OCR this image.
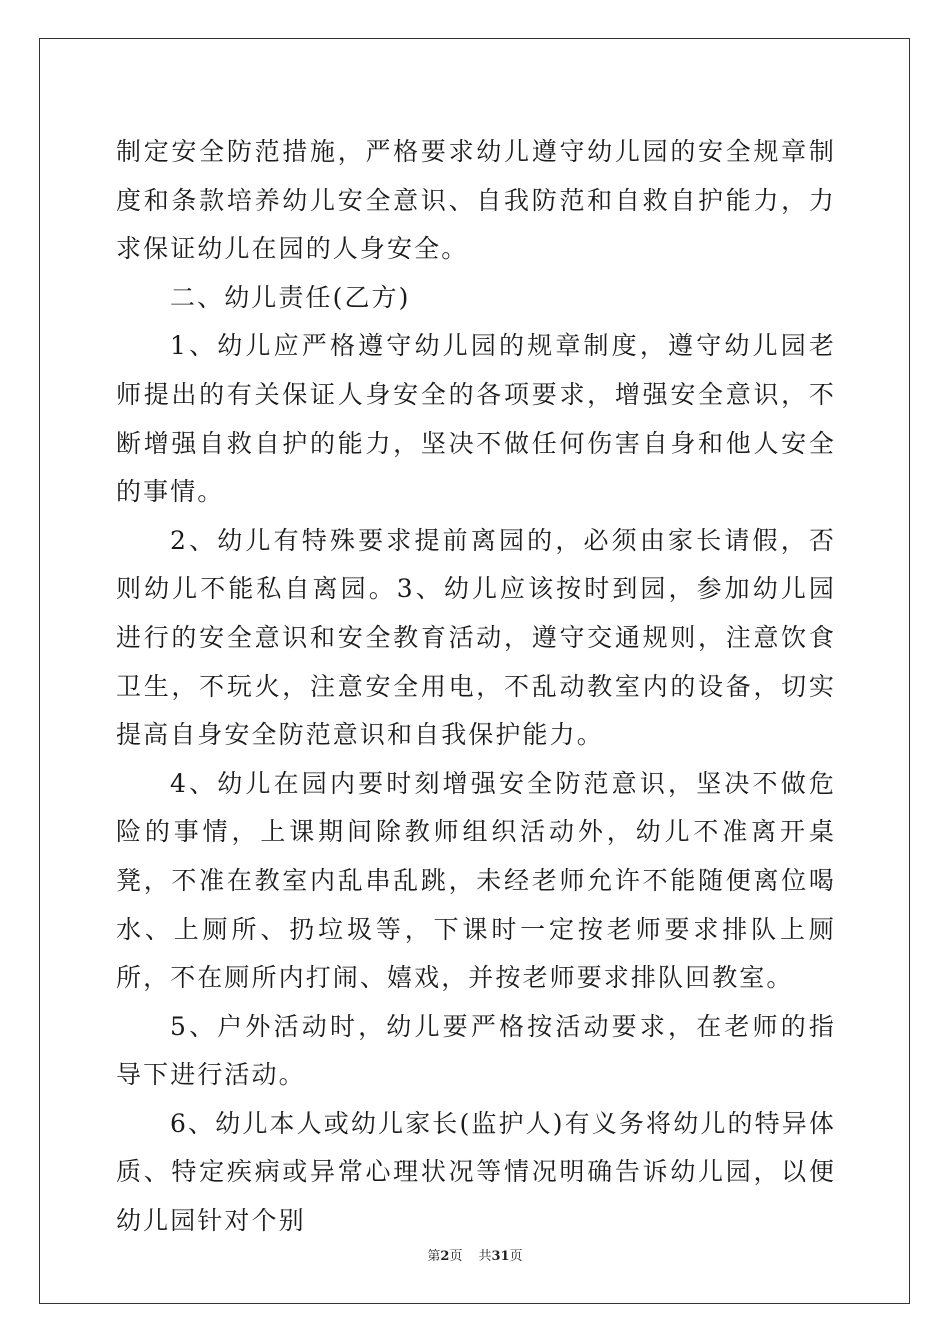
制定安全防范措施，严格要求幼儿遵守幼儿园的安全规章制度和条款培养幼儿安全意识、自我防范和自救自护能力，力求保证幼儿在园的人身安全。

二、幼儿责任(乙方)

1、幼儿应严格遵守幼儿园的规章制度，遵守幼儿园老师提出的有关保证人身安全的各项要求，增强安全意识，不断增强自救自护的能力，坚决不做任何伤害自身和他人安全的事情。

2、幼儿有特殊要求提前离园的，必须由家长请假，否则幼儿不能私自离园。3、幼儿应该按时到园，参加幼儿园进行的安全意识和安全教育活动，遵守交通规则，注意饮食卫生，不玩火，注意安全用电，不乱动教室内的设备，切实提高自身安全防范意识和自我保护能力。

4、幼儿在园内要时刻增强安全防范意识，坚决不做危险的事情，上课期间除教师组织活动外，幼儿不准离开桌凳，不准在教室内乱串乱跳，未经老师允许不能随便离位喝水、上厕所、扔垃圾等，下课时一定按老师要求排队上厕所，不在厕所内打闹、嬉戏，并按老师要求排队回教室。

5、户外活动时，幼儿要严格按活动要求，在老师的指导下进行活动。

6、幼儿本人或幼儿家长(监护人)有义务将幼儿的特异体质、特定疾病或异常心理状况等情况明确告诉幼儿园，以便幼儿园针对个别

第2页 共31页
